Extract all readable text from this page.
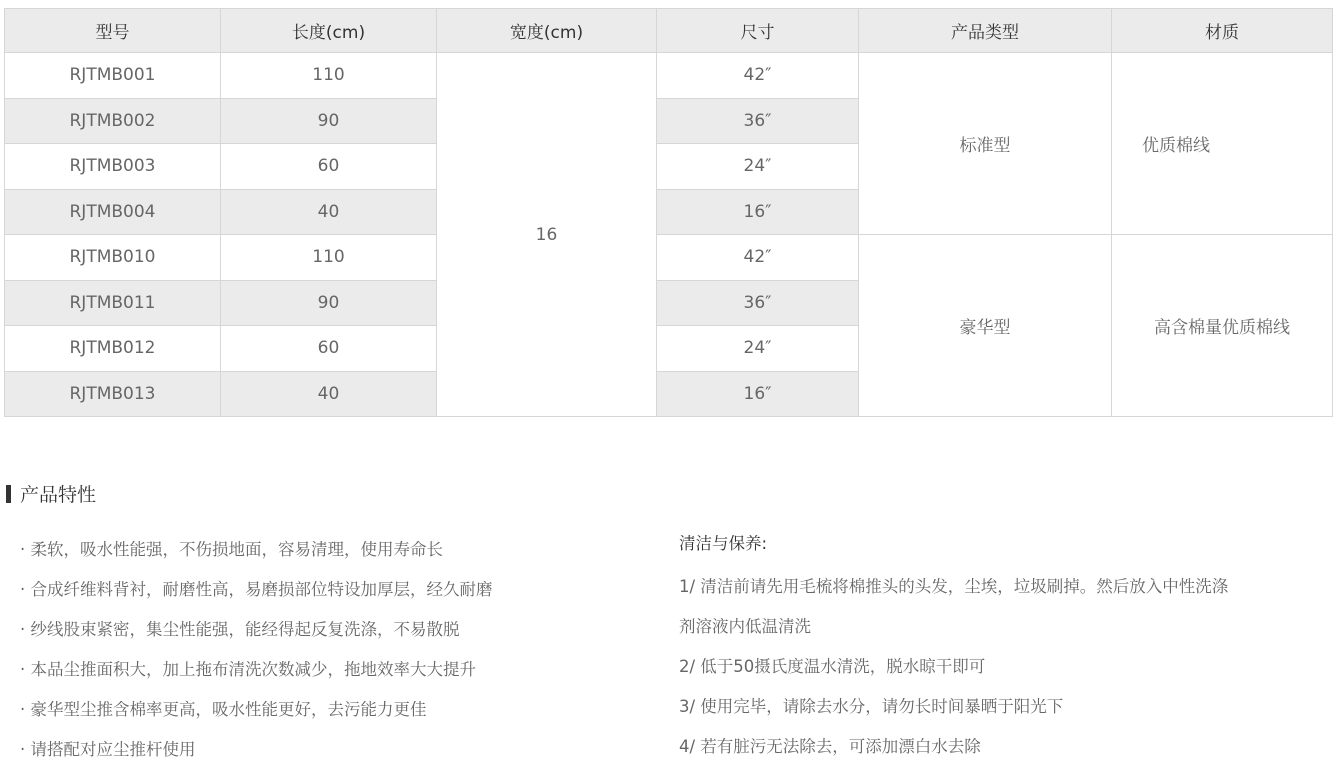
型号	长度(cm)	宽度(cm)	尺寸	产品类型	材质
RJTMB001	110	16	42″	标准型	优质棉线
RJTMB002	90		36″		
RJTMB003	60		24″		
RJTMB004	40		16″		
RJTMB010	110		42″	豪华型	高含棉量优质棉线
RJTMB011	90		36″		
RJTMB012	60		24″		
RJTMB013	40		16″		
产品特性
· 柔软，吸水性能强，不伤损地面，容易清理，使用寿命长
· 合成纤维料背衬，耐磨性高，易磨损部位特设加厚层，经久耐磨
· 纱线股束紧密，集尘性能强，能经得起反复洗涤，不易散脱
· 本品尘推面积大，加上拖布清洗次数减少，拖地效率大大提升
· 豪华型尘推含棉率更高，吸水性能更好，去污能力更佳
· 请搭配对应尘推杆使用
清洁与保养:

1/ 清洁前请先用毛梳将棉推头的头发，尘埃，垃圾刷掉。然后放入中性洗涤

剂溶液内低温清洗

2/ 低于50摄氏度温水清洗，脱水晾干即可

3/ 使用完毕，请除去水分，请勿长时间暴晒于阳光下

4/ 若有脏污无法除去，可添加漂白水去除
